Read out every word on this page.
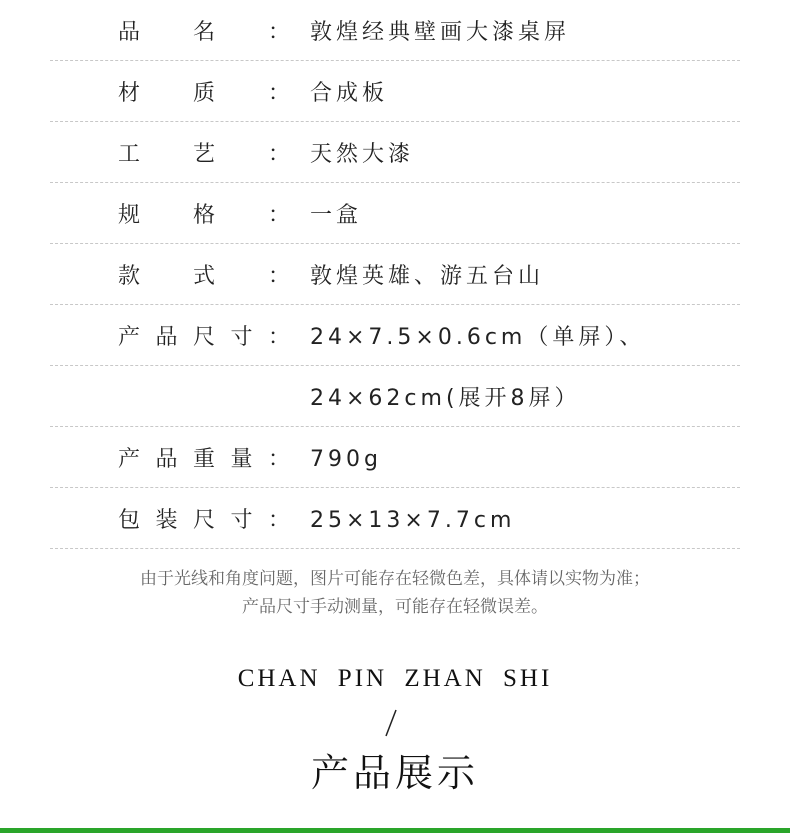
品 名 ： 敦煌经典壁画大漆桌屏
材 质 ： 合成板
工 艺 ： 天然大漆
规 格 ： 一盒
款 式 ： 敦煌英雄、游五台山
产 品 尺 寸 ： 24×7.5×0.6cm（单屏）、
24×62cm(展开8屏）
产 品 重 量 ： 790g
包 装 尺 寸 ： 25×13×7.7cm
由于光线和角度问题，图片可能存在轻微色差，具体请以实物为准；
产品尺寸手动测量，可能存在轻微误差。
CHAN PIN ZHAN SHI
产品展示
